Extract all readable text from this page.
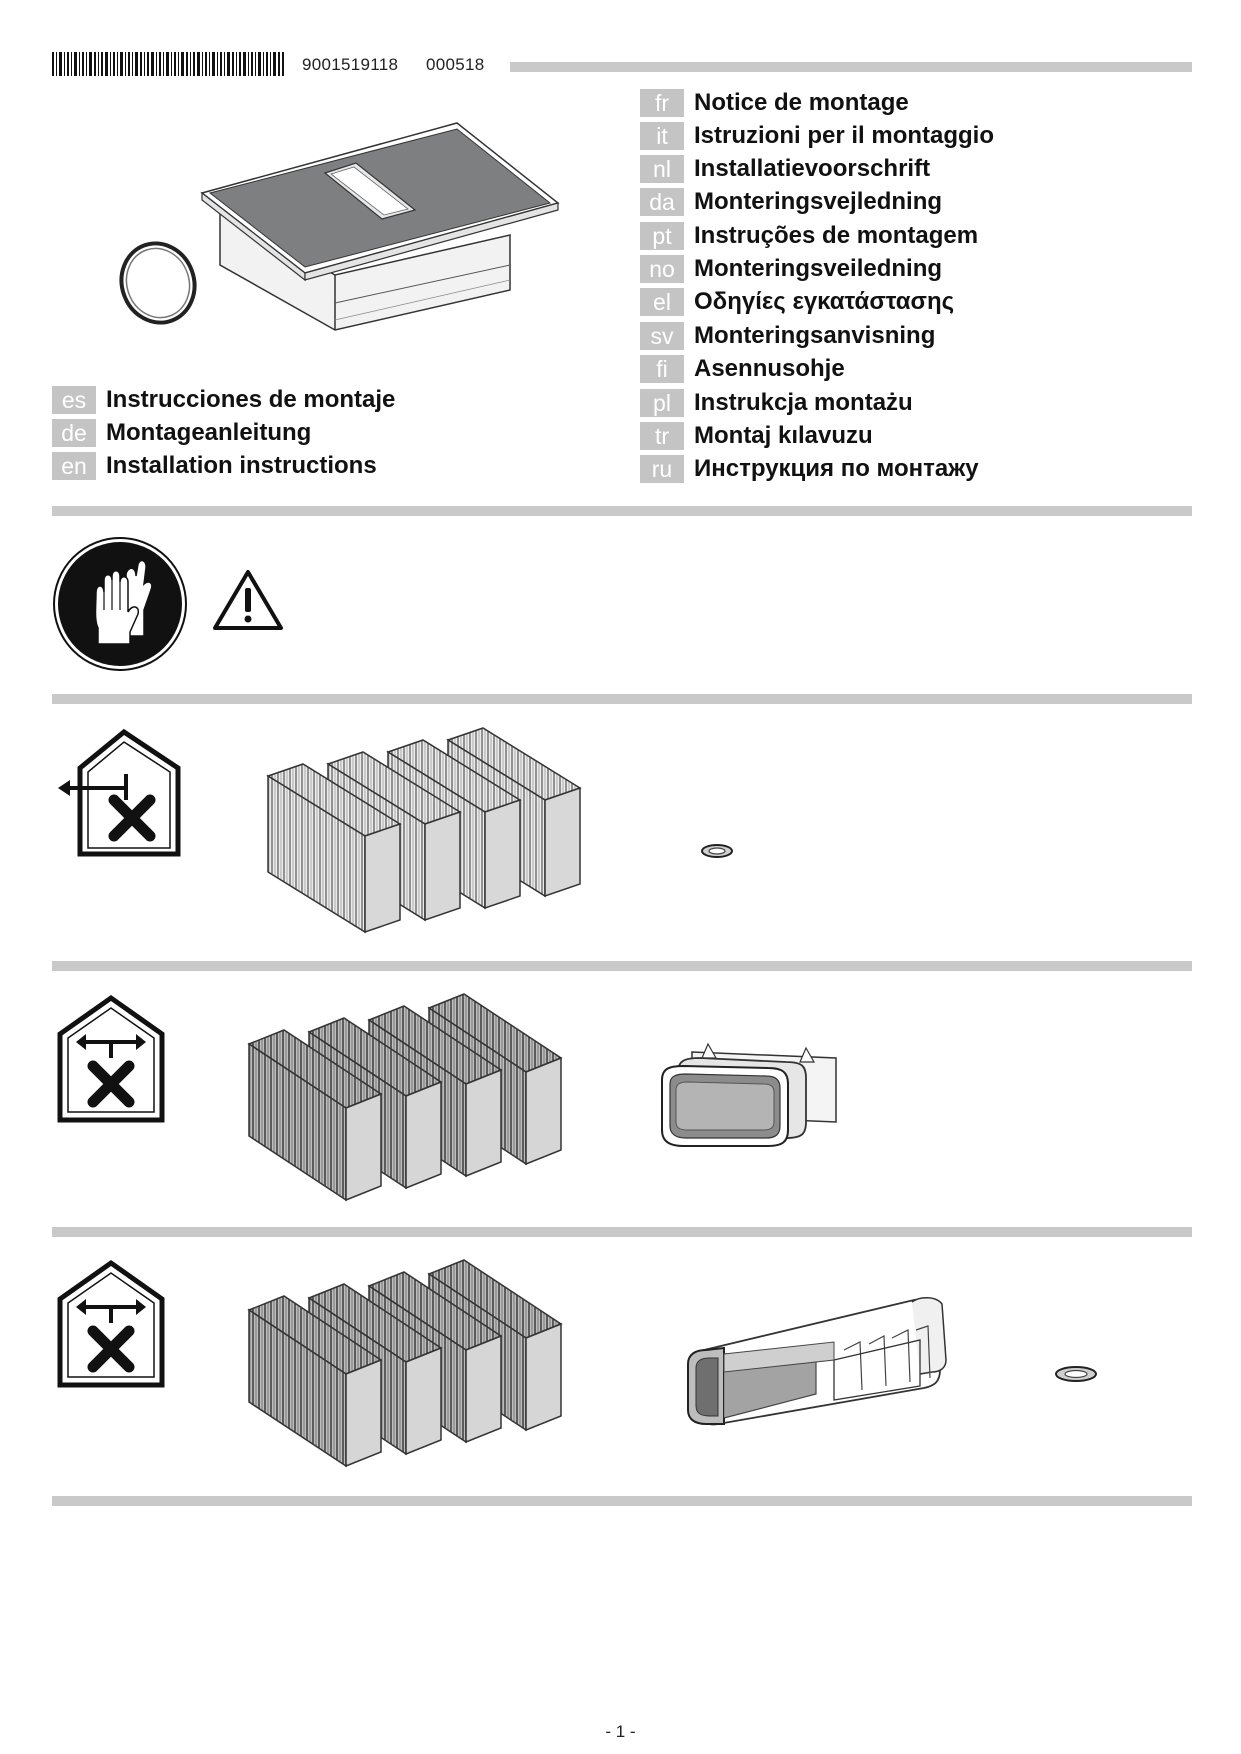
9001519118 000518
es Instrucciones de montaje
de Montageanleitung
en Installation instructions
fr	Notice de montage
it	Istruzioni per il montaggio
nl Installatievoorschrift
da Monteringsvejledning
pt Instruções de montagem
no Monteringsveiledning
el Οδηγίες εγκατάστασης
sv Monteringsanvisning
fi	Asennusohje
pl Instrukcja montażu
tr	Montaj kılavuzu
ru Инструкция по монтажу
- 1 -
